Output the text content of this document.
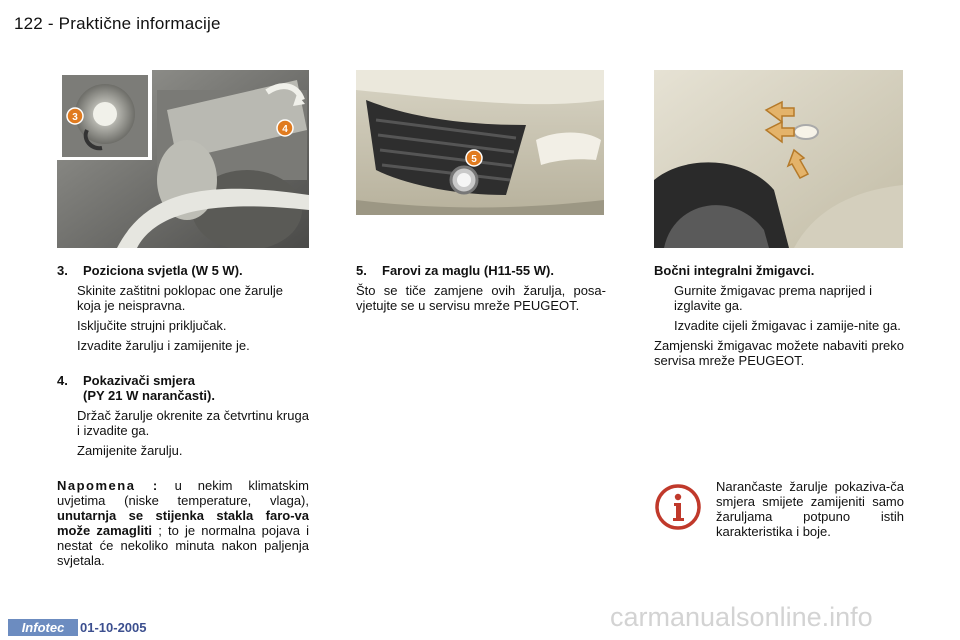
122 - Praktične informacije
3
4
5
3. Poziciona svjetla (W 5 W).
Skinite zaštitni poklopac one žarulje koja je neispravna.
Isključite strujni priključak.
Izvadite žarulju i zamijenite je.
4. Pokazivači smjera
(PY 21 W narančasti).
Držač žarulje okrenite za četvrtinu kruga i izvadite ga.
Zamijenite žarulju.
Napomena : u nekim klimatskim uvjetima (niske temperature, vlaga), unutarnja se stijenka stakla faro-va može zamagliti ; to je normalna pojava i nestat će nekoliko minuta nakon paljenja svjetala.
5. Farovi za maglu (H11-55 W).
Što se tiče zamjene ovih žarulja, posa-vjetujte se u servisu mreže PEUGEOT.
Bočni integralni žmigavci.
Gurnite žmigavac prema naprijed i izglavite ga.
Izvadite cijeli žmigavac i zamije-nite ga.
Zamjenski žmigavac možete nabaviti preko servisa mreže PEUGEOT.
Narančaste žarulje pokaziva-ča smjera smijete zamijeniti samo žaruljama potpuno istih karakteristika i boje.
Infotec	01-10-2005	carmanualsonline.info
